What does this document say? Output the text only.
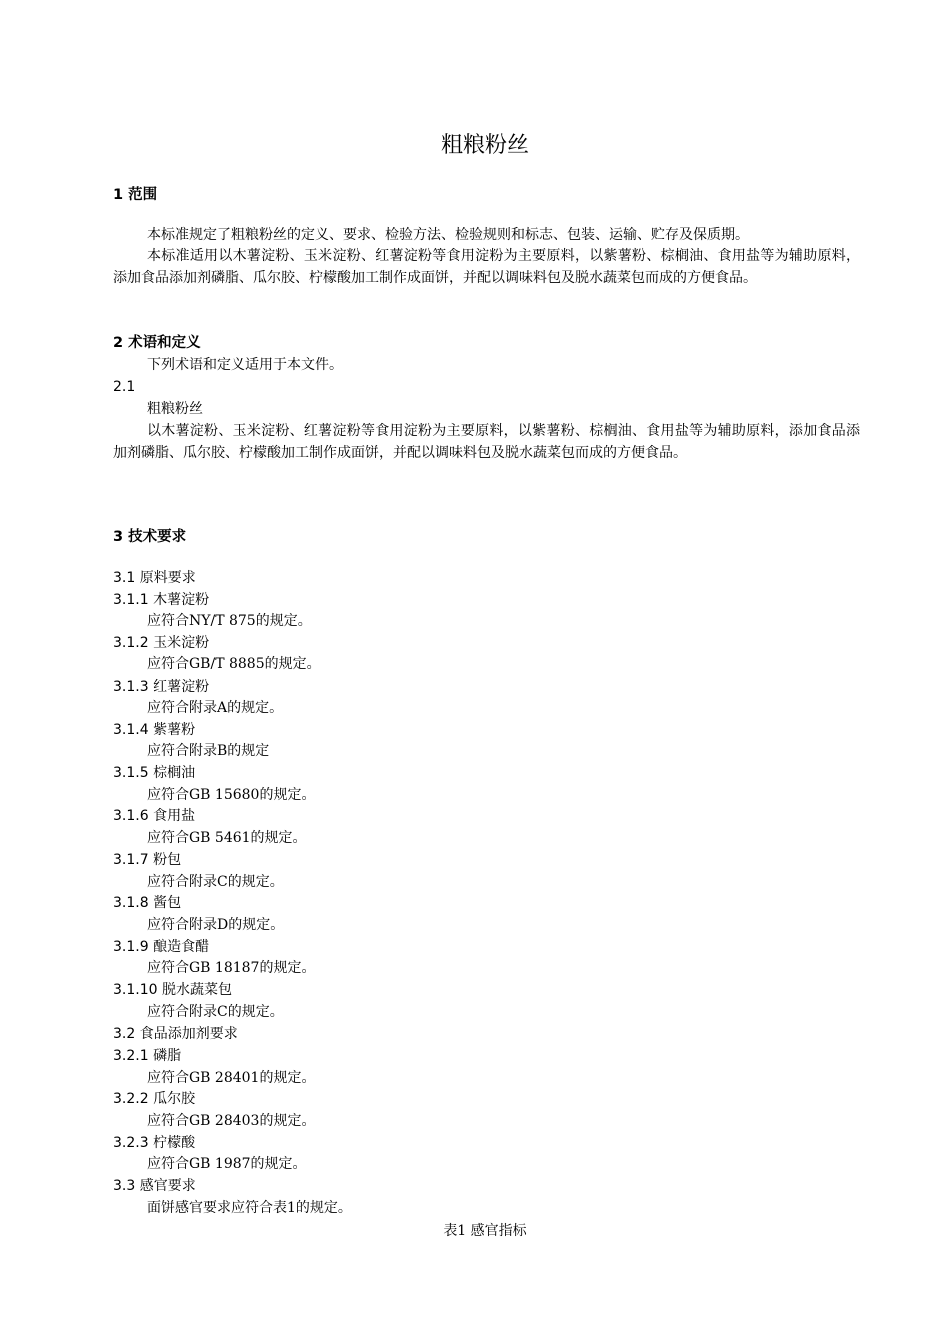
粗粮粉丝
1 范围

本标准规定了粗粮粉丝的定义、要求、检验方法、检验规则和标志、包装、运输、贮存及保质期。

本标准适用以木薯淀粉、玉米淀粉、红薯淀粉等食用淀粉为主要原料，以紫薯粉、棕榈油、食用盐等为辅助原料，添加食品添加剂磷脂、瓜尔胶、柠檬酸加工制作成面饼，并配以调味料包及脱水蔬菜包而成的方便食品。

2 术语和定义
下列术语和定义适用于本文件。
2.1
粗粮粉丝

以木薯淀粉、玉米淀粉、红薯淀粉等食用淀粉为主要原料，以紫薯粉、棕榈油、食用盐等为辅助原料，添加食品添加剂磷脂、瓜尔胶、柠檬酸加工制作成面饼，并配以调味料包及脱水蔬菜包而成的方便食品。

3 技术要求
3.1 原料要求
3.1.1 木薯淀粉
应符合NY/T 875的规定。
3.1.2 玉米淀粉
应符合GB/T 8885的规定。
3.1.3 红薯淀粉
应符合附录A的规定。
3.1.4 紫薯粉
应符合附录B的规定
3.1.5 棕榈油
应符合GB 15680的规定。
3.1.6 食用盐
应符合GB 5461的规定。
3.1.7 粉包
应符合附录C的规定。
3.1.8 酱包
应符合附录D的规定。
3.1.9 酿造食醋
应符合GB 18187的规定。
3.1.10 脱水蔬菜包
应符合附录C的规定。
3.2 食品添加剂要求
3.2.1 磷脂
应符合GB 28401的规定。
3.2.2 瓜尔胶
应符合GB 28403的规定。
3.2.3 柠檬酸
应符合GB 1987的规定。
3.3 感官要求
面饼感官要求应符合表1的规定。
表1 感官指标
